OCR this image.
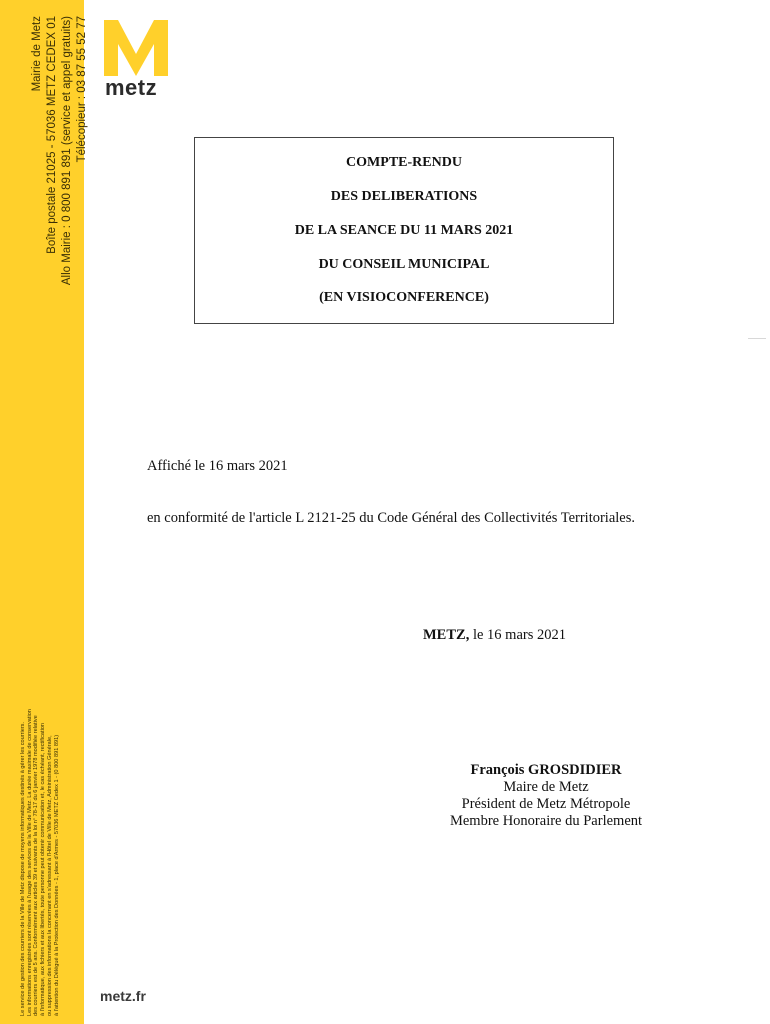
Mairie de Metz Boîte postale 21025 - 57036 METZ CEDEX 01 Allo Mairie : 0 800 891 891 (service et appel gratuits) Télécopieur : 03 87 55 52 77
Le service de gestion des courriers de la Ville de Metz dispose de moyens informatiques destinés à gérer les courriers. Les informations enregistrées sont réservées à l'usage des services de la Ville de Metz. La durée maximale de conservation des courriers est de 5 ans. Conformément aux articles 39 et suivants de la loi n° 78-17 du 6 janvier 1978 modifiée relative à l'informatique, aux fichiers et aux libertés, toute personne peut obtenir communication et, le cas échéant, rectification ou suppression des informations la concernant en s'adressant à l'Hôtel de Ville de Metz, Administration Générale, à l'attention du Délégué à la Protection des Données - 1, place d'Armes - 57036 METZ Cedex 1 - (0 800 891 891)
metz
COMPTE-RENDU
DES DELIBERATIONS
DE LA SEANCE DU 11 MARS 2021
DU CONSEIL MUNICIPAL
(EN VISIOCONFERENCE)
Affiché le 16 mars 2021
en conformité de l'article L 2121-25 du Code Général des Collectivités Territoriales.
METZ, le 16 mars 2021
François GROSDIDIER
Maire de Metz
Président de Metz Métropole
Membre Honoraire du Parlement
metz.fr
